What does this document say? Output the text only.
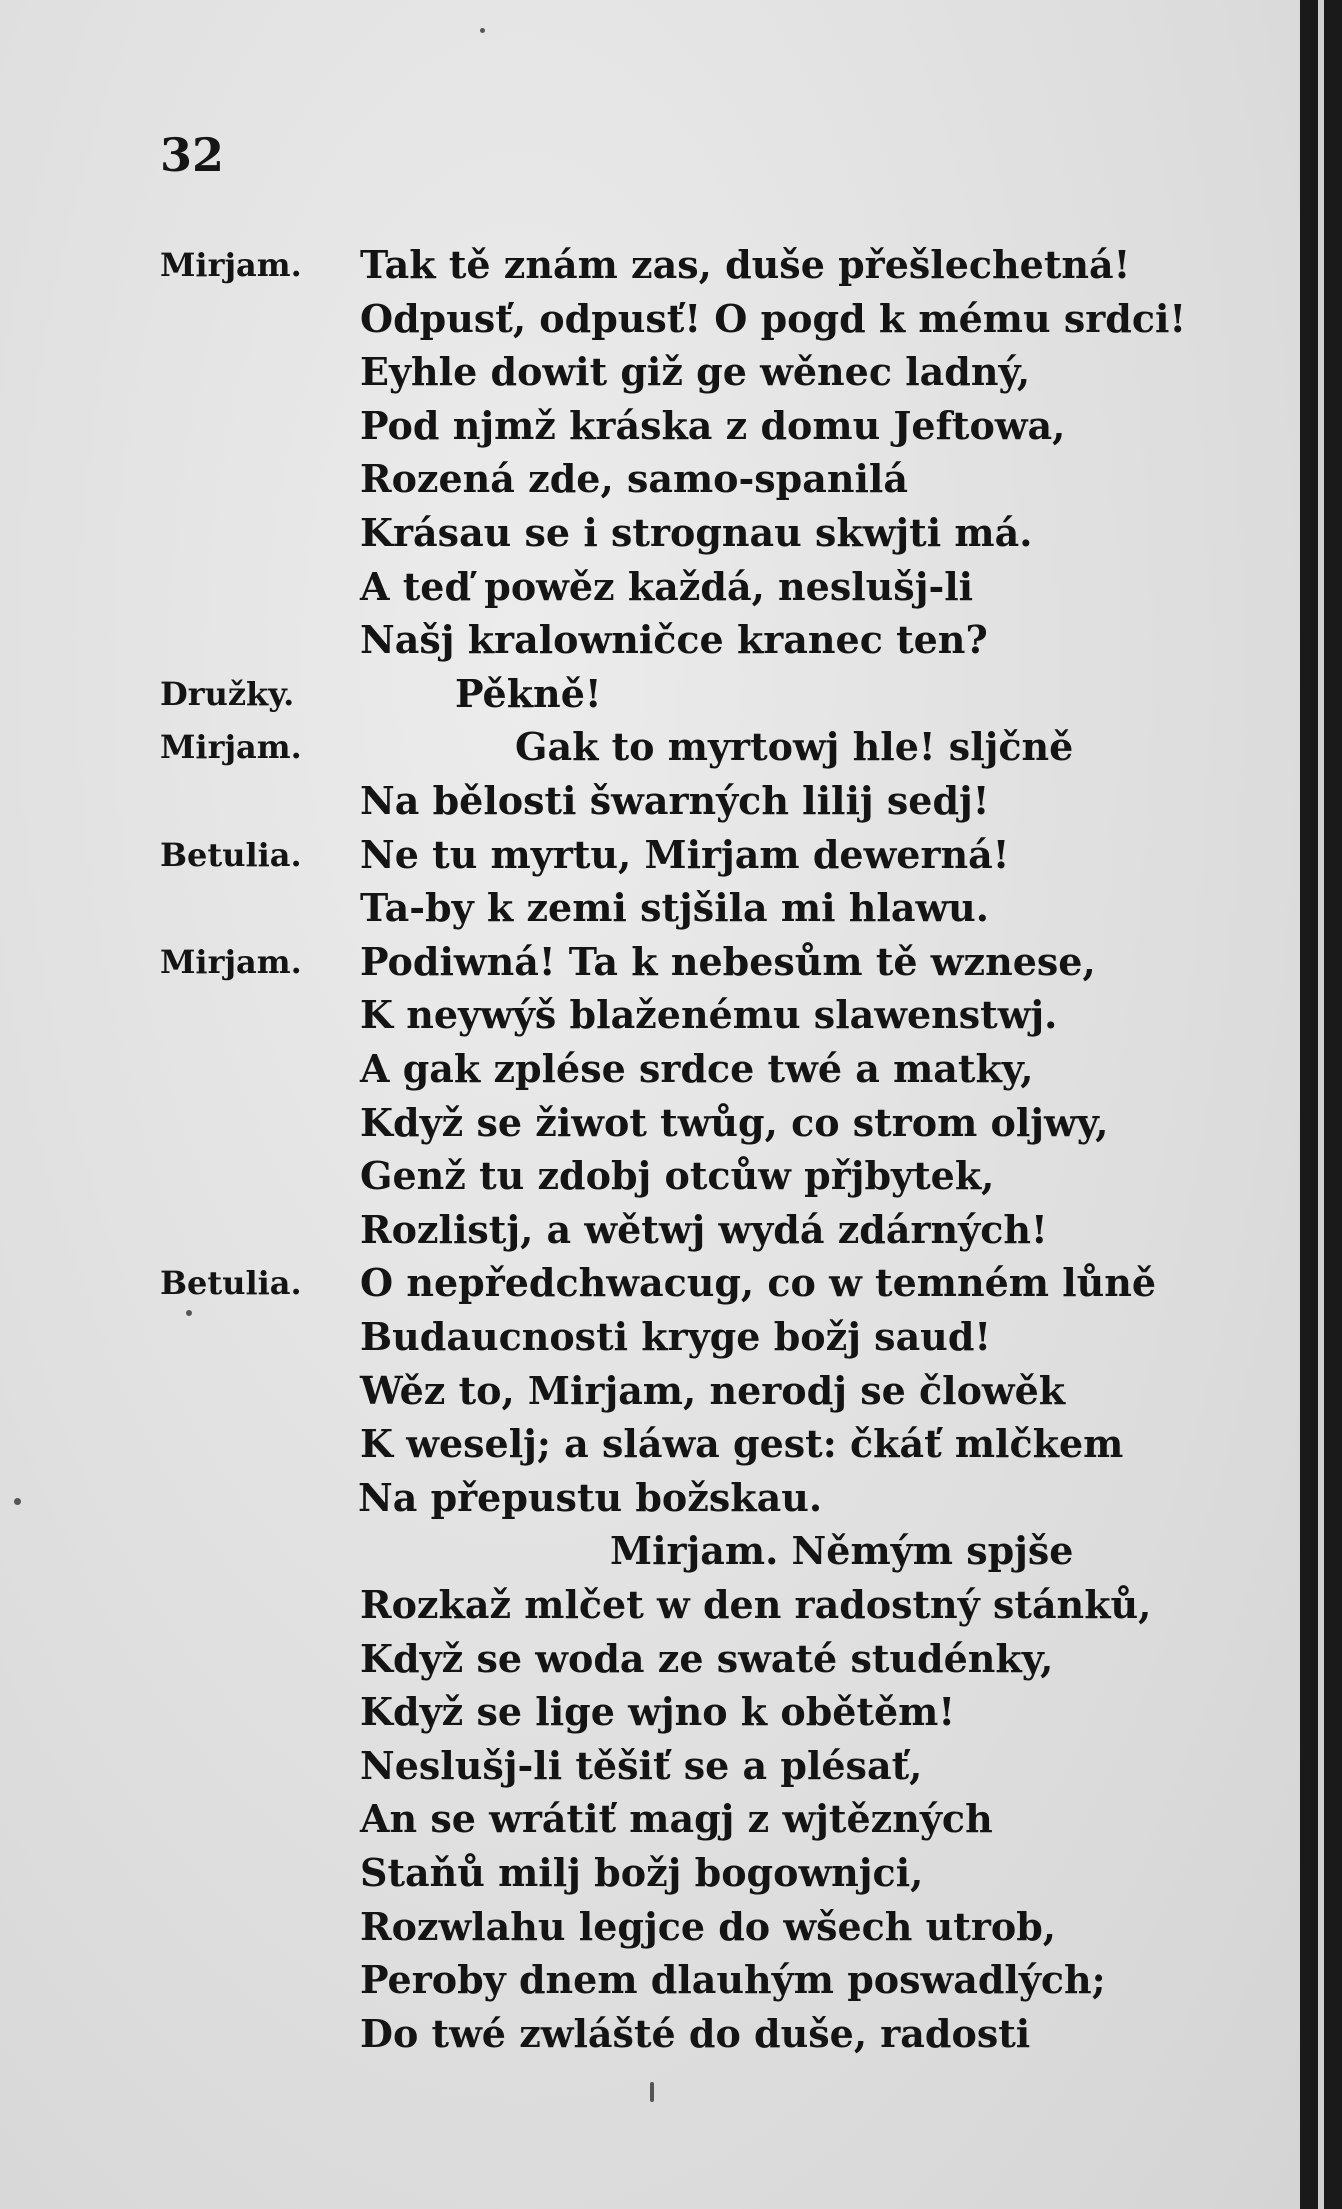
32
Mirjam. Tak tě znám zas, duše přešlechetná!
Odpusť, odpusť! O pogd k mému srdci!
Eyhle dowit giž ge wěnec ladný,
Pod njmž kráska z domu Jeftowa,
Rozená zde, samo-spanilá
Krásau se i strognau skwjti má.
A teď powěz každá, neslušj-li
Našj kralowničce kranec ten?
Družky.	Pěkně!
Mirjam.	Gak to myrtowj hle! sljčně
Na bělosti šwarných lilij sedj!
Betulia. Ne tu myrtu, Mirjam dewerná!
Ta-by k zemi stjšila mi hlawu.
Mirjam. Podiwná! Ta k nebesům tě wznese,
K neywýš blaženému slawenstwj.
A gak zplése srdce twé a matky,
Když se žiwot twůg, co strom oljwy,
Genž tu zdobj otcůw přjbytek,
Rozlistj, a wětwj wydá zdárných!
Betulia. O nepředchwacug, co w temném lůně
Budaucnosti kryge božj saud!
Wěz to, Mirjam, nerodj se člowěk
K weselj; a sláwa gest: čkáť mlčkem
Na přepustu božskau.
Mirjam. Němým spjše
Rozkaž mlčet w den radostný stánků,
Když se woda ze swaté studénky,
Když se lige wjno k obětěm!
Neslušj-li těšiť se a plésať,
An se wrátiť magj z wjtězných
Staňů milj božj bogownjci,
Rozwlahu legjce do wšech utrob,
Peroby dnem dlauhým poswadlých;
Do twé zwlášté do duše, radosti
